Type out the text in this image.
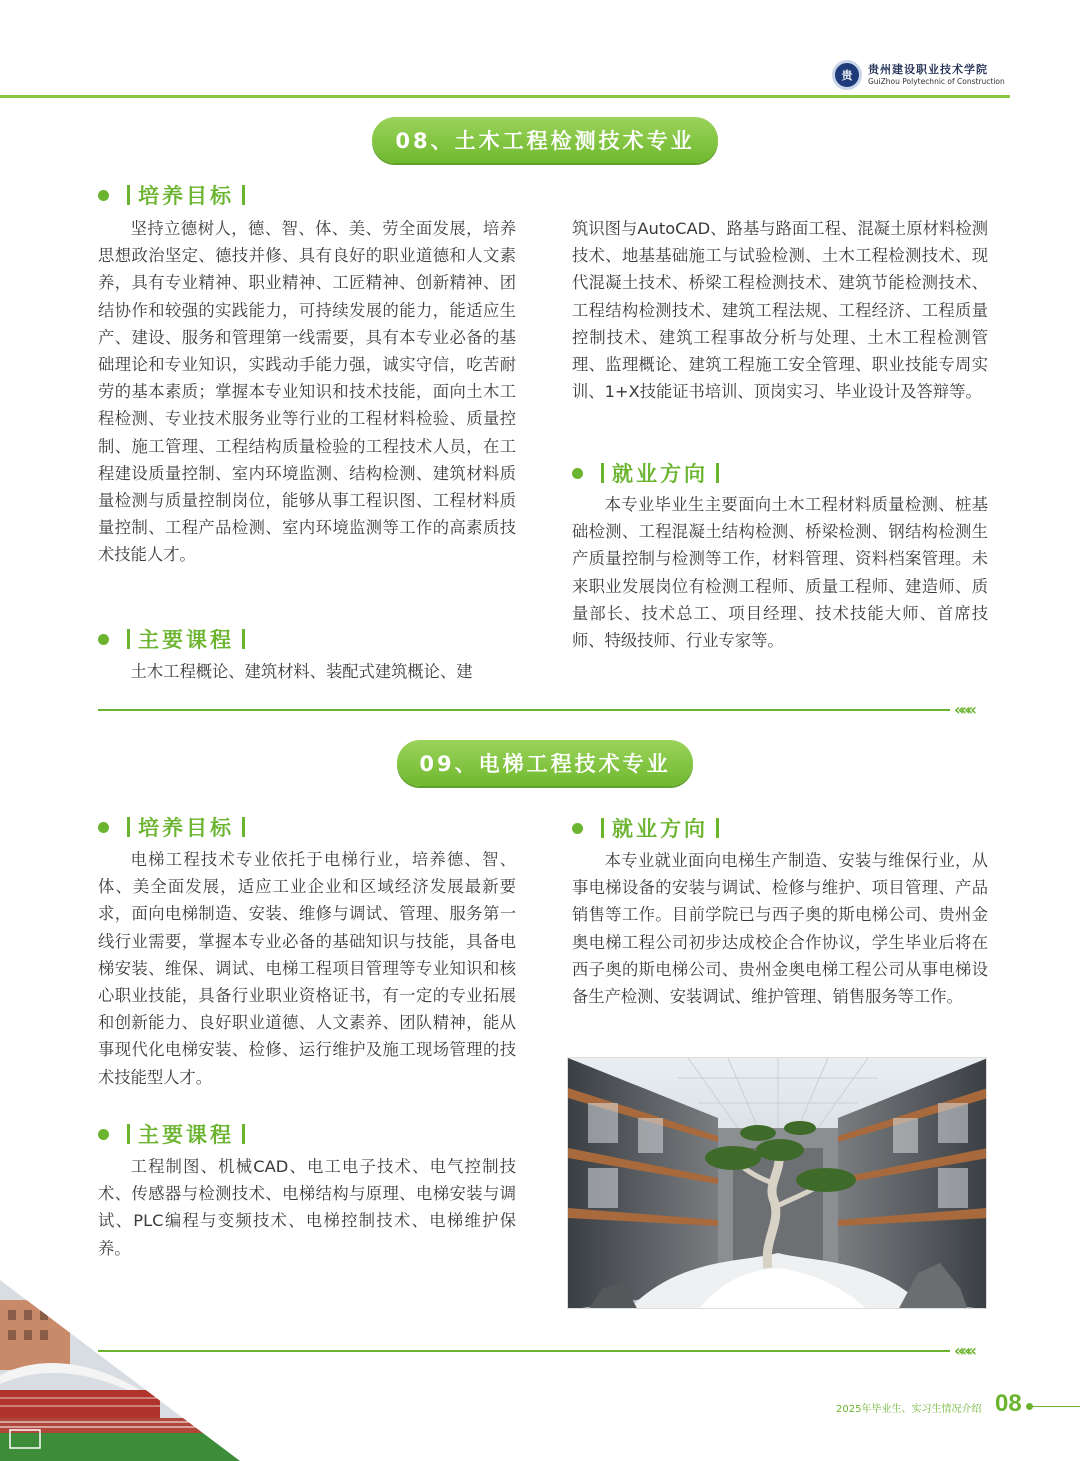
贵	贵州建设职业技术学院
GuiZhou Polytechnic of Construction
08、土木工程检测技术专业
培养目标
坚持立德树人，德、智、体、美、劳全面发展，培养思想政治坚定、德技并修、具有良好的职业道德和人文素养，具有专业精神、职业精神、工匠精神、创新精神、团结协作和较强的实践能力，可持续发展的能力，能适应生产、建设、服务和管理第一线需要，具有本专业必备的基础理论和专业知识，实践动手能力强，诚实守信，吃苦耐劳的基本素质；掌握本专业知识和技术技能，面向土木工程检测、专业技术服务业等行业的工程材料检验、质量控制、施工管理、工程结构质量检验的工程技术人员，在工程建设质量控制、室内环境监测、结构检测、建筑材料质量检测与质量控制岗位，能够从事工程识图、工程材料质量控制、工程产品检测、室内环境监测等工作的高素质技术技能人才。
主要课程
土木工程概论、建筑材料、装配式建筑概论、建
筑识图与AutoCAD、路基与路面工程、混凝土原材料检测技术、地基基础施工与试验检测、土木工程检测技术、现代混凝土技术、桥梁工程检测技术、建筑节能检测技术、工程结构检测技术、建筑工程法规、工程经济、工程质量控制技术、建筑工程事故分析与处理、土木工程检测管理、监理概论、建筑工程施工安全管理、职业技能专周实训、1+X技能证书培训、顶岗实习、毕业设计及答辩等。
就业方向
本专业毕业生主要面向土木工程材料质量检测、桩基础检测、工程混凝土结构检测、桥梁检测、钢结构检测生产质量控制与检测等工作，材料管理、资料档案管理。未来职业发展岗位有检测工程师、质量工程师、建造师、质量部长、技术总工、项目经理、技术技能大师、首席技师、特级技师、行业专家等。
«««
09、电梯工程技术专业
培养目标
电梯工程技术专业依托于电梯行业，培养德、智、体、美全面发展，适应工业企业和区域经济发展最新要求，面向电梯制造、安装、维修与调试、管理、服务第一线行业需要，掌握本专业必备的基础知识与技能，具备电梯安装、维保、调试、电梯工程项目管理等专业知识和核心职业技能，具备行业职业资格证书，有一定的专业拓展和创新能力、良好职业道德、人文素养、团队精神，能从事现代化电梯安装、检修、运行维护及施工现场管理的技术技能型人才。
主要课程
工程制图、机械CAD、电工电子技术、电气控制技术、传感器与检测技术、电梯结构与原理、电梯安装与调试、PLC编程与变频技术、电梯控制技术、电梯维护保养。
就业方向
本专业就业面向电梯生产制造、安装与维保行业，从事电梯设备的安装与调试、检修与维护、项目管理、产品销售等工作。目前学院已与西子奥的斯电梯公司、贵州金奥电梯工程公司初步达成校企合作协议，学生毕业后将在西子奥的斯电梯公司、贵州金奥电梯工程公司从事电梯设备生产检测、安装调试、维护管理、销售服务等工作。
«««
2025年毕业生、实习生情况介绍 08
